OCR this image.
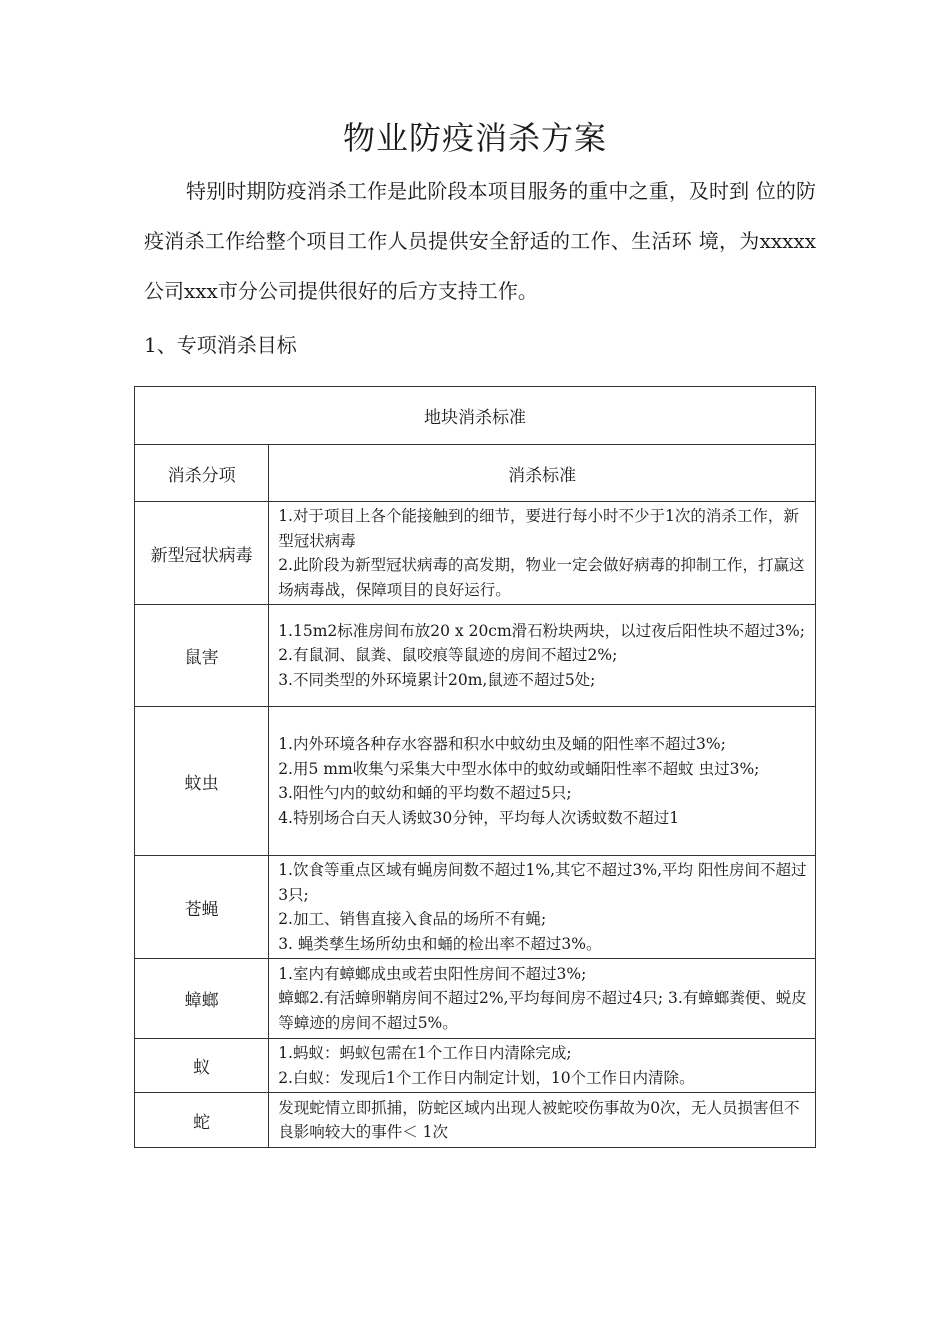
物业防疫消杀方案

特别时期防疫消杀工作是此阶段本项目服务的重中之重，及时到 位的防疫消杀工作给整个项目工作人员提供安全舒适的工作、生活环 境，为xxxxx公司xxx市分公司提供很好的后方支持工作。

1、专项消杀目标

地块消杀标准	
消杀分项	消杀标准
新型冠状病毒	1.对于项目上各个能接触到的细节，要进行每小时不少于1次的消杀工作，新型冠状病毒
2.此阶段为新型冠状病毒的高发期，物业一定会做好病毒的抑制工作，打赢这场病毒战，保障项目的良好运行。

鼠害	1.15m2标准房间布放20 x 20cm滑石粉块两块，以过夜后阳性块不超过3%;
2.有鼠洞、鼠粪、鼠咬痕等鼠迹的房间不超过2%;
3.不同类型的外环境累计20m,鼠迹不超过5处;

蚊虫	1.内外环境各种存水容器和积水中蚊幼虫及蛹的阳性率不超过3%;
2.用5 mm收集勺采集大中型水体中的蚊幼或蛹阳性率不超蚊 虫过3%;
3.阳性勺内的蚊幼和蛹的平均数不超过5只;
4.特别场合白天人诱蚊30分钟，平均每人次诱蚊数不超过1

苍蝇	1.饮食等重点区域有蝇房间数不超过1%,其它不超过3%,平均 阳性房间不超过3只;
2.加工、销售直接入食品的场所不有蝇;
3. 蝇类孳生场所幼虫和蛹的检出率不超过3%。

蟑螂	1.室内有蟑螂成虫或若虫阳性房间不超过3%;
蟑螂2.有活蟑卵鞘房间不超过2%,平均每间房不超过4只; 3.有蟑螂粪便、蜕皮等蟑迹的房间不超过5%。

蚁	1.蚂蚁：蚂蚁包需在1个工作日内清除完成;
2.白蚁：发现后1个工作日内制定计划，10个工作日内清除。

蛇	发现蛇情立即抓捕，防蛇区域内出现人被蛇咬伤事故为0次，无人员损害但不良影响较大的事件＜ 1次
